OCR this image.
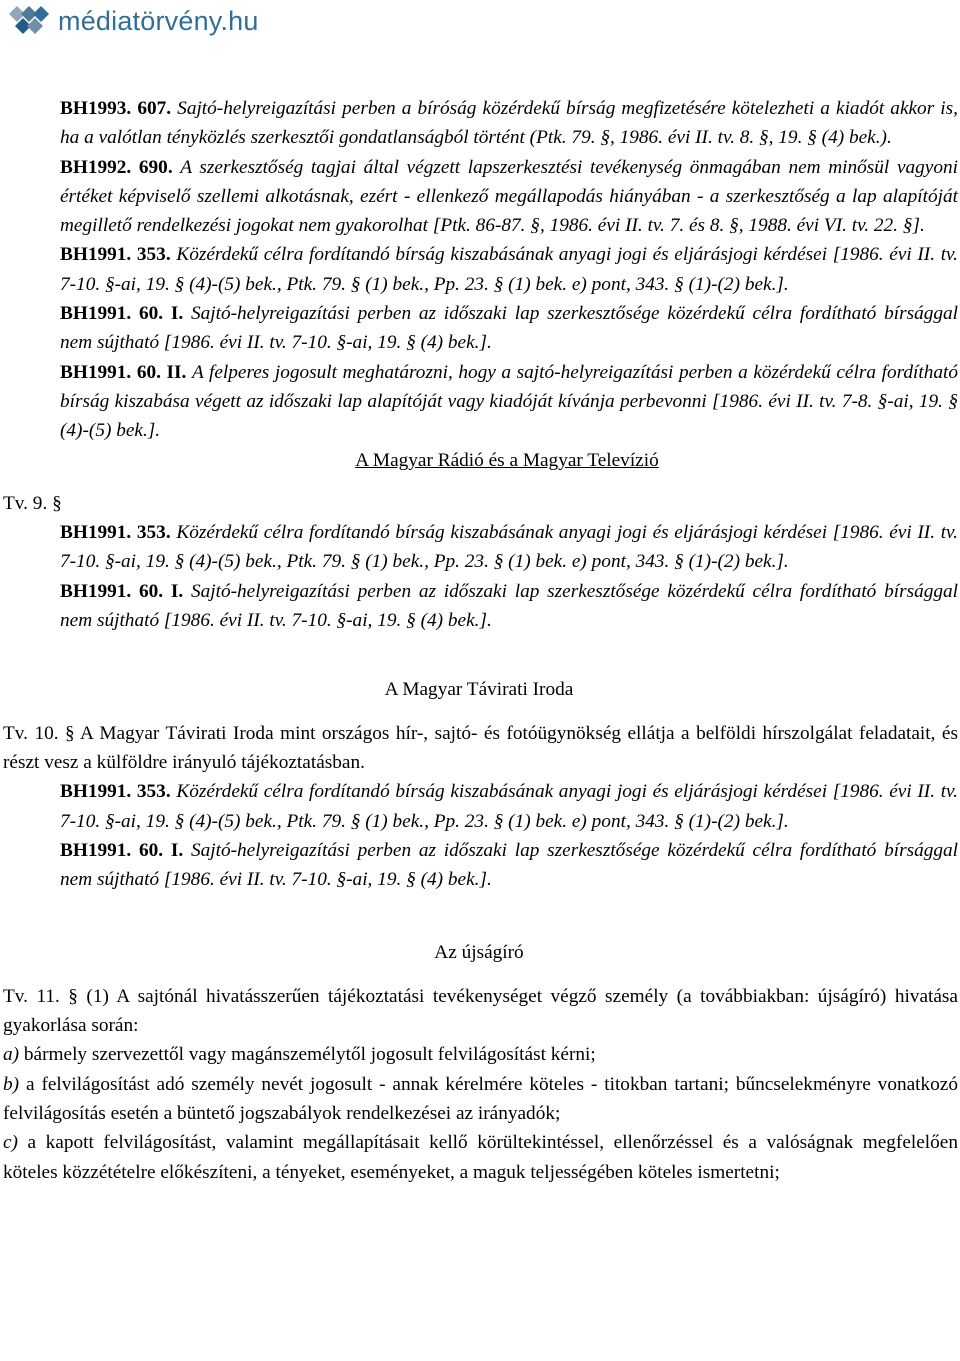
médiatörvény.hu
BH1993. 607. Sajtó-helyreigazítási perben a bíróság közérdekű bírság megfizetésére kötelezheti a kiadót akkor is, ha a valótlan tényközlés szerkesztői gondatlanságból történt (Ptk. 79. §, 1986. évi II. tv. 8. §, 19. § (4) bek.).
BH1992. 690. A szerkesztőség tagjai által végzett lapszerkesztési tevékenység önmagában nem minősül vagyoni értéket képviselő szellemi alkotásnak, ezért - ellenkező megállapodás hiányában - a szerkesztőség a lap alapítóját megillető rendelkezési jogokat nem gyakorolhat [Ptk. 86-87. §, 1986. évi II. tv. 7. és 8. §, 1988. évi VI. tv. 22. §].
BH1991. 353. Közérdekű célra fordítandó bírság kiszabásának anyagi jogi és eljárásjogi kérdései [1986. évi II. tv. 7-10. §-ai, 19. § (4)-(5) bek., Ptk. 79. § (1) bek., Pp. 23. § (1) bek. e) pont, 343. § (1)-(2) bek.].
BH1991. 60. I. Sajtó-helyreigazítási perben az időszaki lap szerkesztősége közérdekű célra fordítható bírsággal nem sújtható [1986. évi II. tv. 7-10. §-ai, 19. § (4) bek.].
BH1991. 60. II. A felperes jogosult meghatározni, hogy a sajtó-helyreigazítási perben a közérdekű célra fordítható bírság kiszabása végett az időszaki lap alapítóját vagy kiadóját kívánja perbevonni [1986. évi II. tv. 7-8. §-ai, 19. § (4)-(5) bek.].
A Magyar Rádió és a Magyar Televízió
Tv. 9. §
BH1991. 353. Közérdekű célra fordítandó bírság kiszabásának anyagi jogi és eljárásjogi kérdései [1986. évi II. tv. 7-10. §-ai, 19. § (4)-(5) bek., Ptk. 79. § (1) bek., Pp. 23. § (1) bek. e) pont, 343. § (1)-(2) bek.].
BH1991. 60. I. Sajtó-helyreigazítási perben az időszaki lap szerkesztősége közérdekű célra fordítható bírsággal nem sújtható [1986. évi II. tv. 7-10. §-ai, 19. § (4) bek.].
A Magyar Távirati Iroda
Tv. 10. § A Magyar Távirati Iroda mint országos hír-, sajtó- és fotóügynökség ellátja a belföldi hírszolgálat feladatait, és részt vesz a külföldre irányuló tájékoztatásban.
BH1991. 353. Közérdekű célra fordítandó bírság kiszabásának anyagi jogi és eljárásjogi kérdései [1986. évi II. tv. 7-10. §-ai, 19. § (4)-(5) bek., Ptk. 79. § (1) bek., Pp. 23. § (1) bek. e) pont, 343. § (1)-(2) bek.].
BH1991. 60. I. Sajtó-helyreigazítási perben az időszaki lap szerkesztősége közérdekű célra fordítható bírsággal nem sújtható [1986. évi II. tv. 7-10. §-ai, 19. § (4) bek.].
Az újságíró
Tv. 11. § (1) A sajtónál hivatásszerűen tájékoztatási tevékenységet végző személy (a továbbiakban: újságíró) hivatása gyakorlása során:
a) bármely szervezettől vagy magánszemélytől jogosult felvilágosítást kérni;
b) a felvilágosítást adó személy nevét jogosult - annak kérelmére köteles - titokban tartani; bűncselekményre vonatkozó felvilágosítás esetén a büntető jogszabályok rendelkezései az irányadók;
c) a kapott felvilágosítást, valamint megállapításait kellő körültekintéssel, ellenőrzéssel és a valóságnak megfelelően köteles közzétételre előkészíteni, a tényeket, eseményeket, a maguk teljességében köteles ismertetni;
